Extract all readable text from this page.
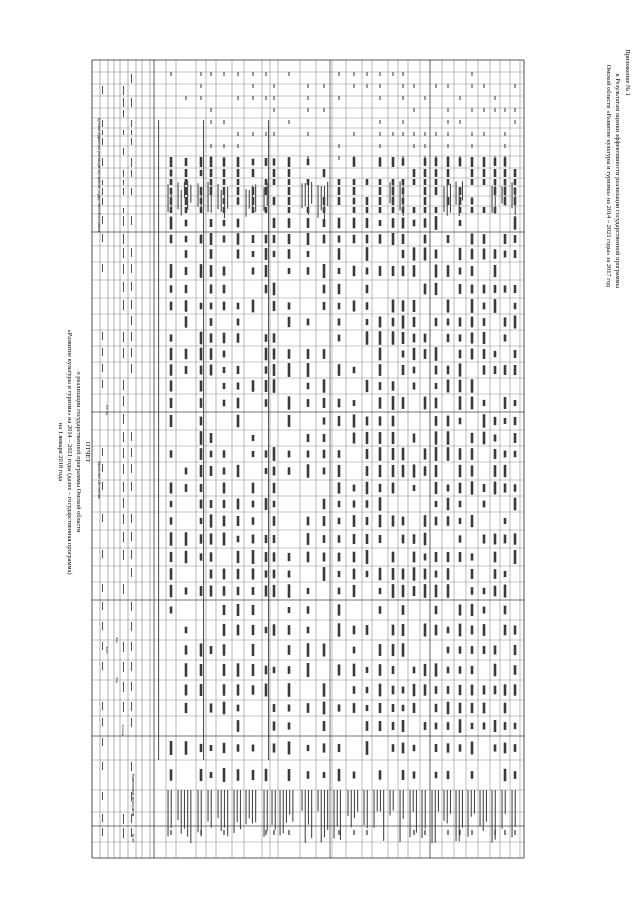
Приложение № 1
к Результатам оценки эффективности реализации государственной программы
Омской области «Развитие культуры и туризма» на 2014 – 2021 годы» за 2017 год
ОТЧЕТ
о реализации государственной программы Омской области
«Развитие культуры и туризма» на 2014 – 2021 годы (далее – государственная программа)
на 1 января 2018 года
№ п/п
Наименование мероприятия
Финансовое обеспечение
Целевые индикаторы реализации мероприятия государственной программы
Всего
2017 год
План
Факт
Источник
